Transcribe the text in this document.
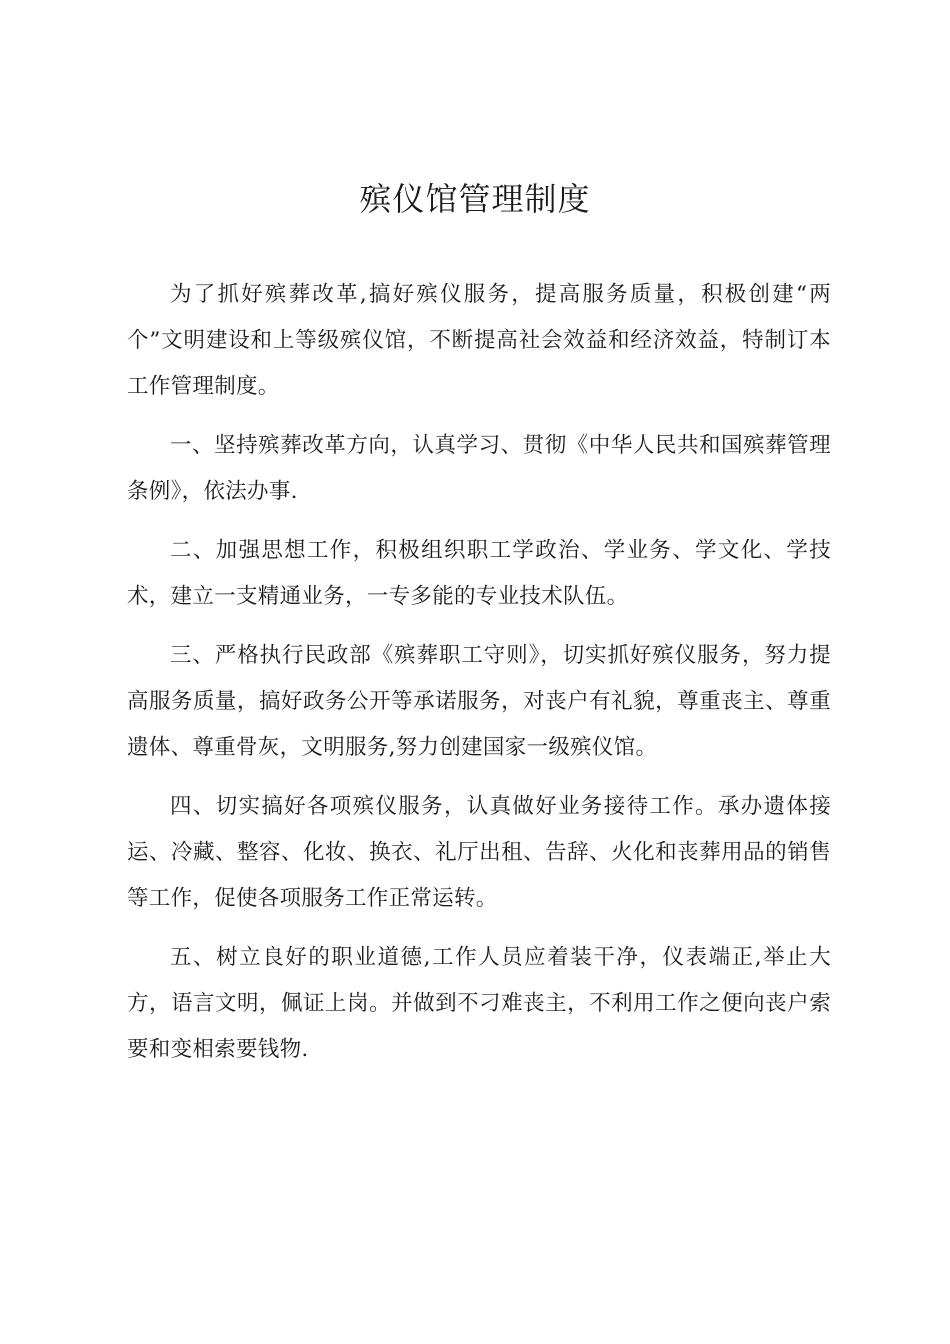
殡仪馆管理制度

为了抓好殡葬改革,搞好殡仪服务，提高服务质量，积极创建“两个”文明建设和上等级殡仪馆，不断提高社会效益和经济效益，特制订本工作管理制度。

一、坚持殡葬改革方向，认真学习、贯彻《中华人民共和国殡葬管理条例》，依法办事.

二、加强思想工作，积极组织职工学政治、学业务、学文化、学技术，建立一支精通业务，一专多能的专业技术队伍。

三、严格执行民政部《殡葬职工守则》，切实抓好殡仪服务，努力提高服务质量，搞好政务公开等承诺服务，对丧户有礼貌，尊重丧主、尊重遗体、尊重骨灰，文明服务,努力创建国家一级殡仪馆。

四、切实搞好各项殡仪服务，认真做好业务接待工作。承办遗体接运、冷藏、整容、化妆、换衣、礼厅出租、告辞、火化和丧葬用品的销售等工作，促使各项服务工作正常运转。

五、树立良好的职业道德,工作人员应着装干净，仪表端正,举止大方，语言文明，佩证上岗。并做到不刁难丧主，不利用工作之便向丧户索要和变相索要钱物.
